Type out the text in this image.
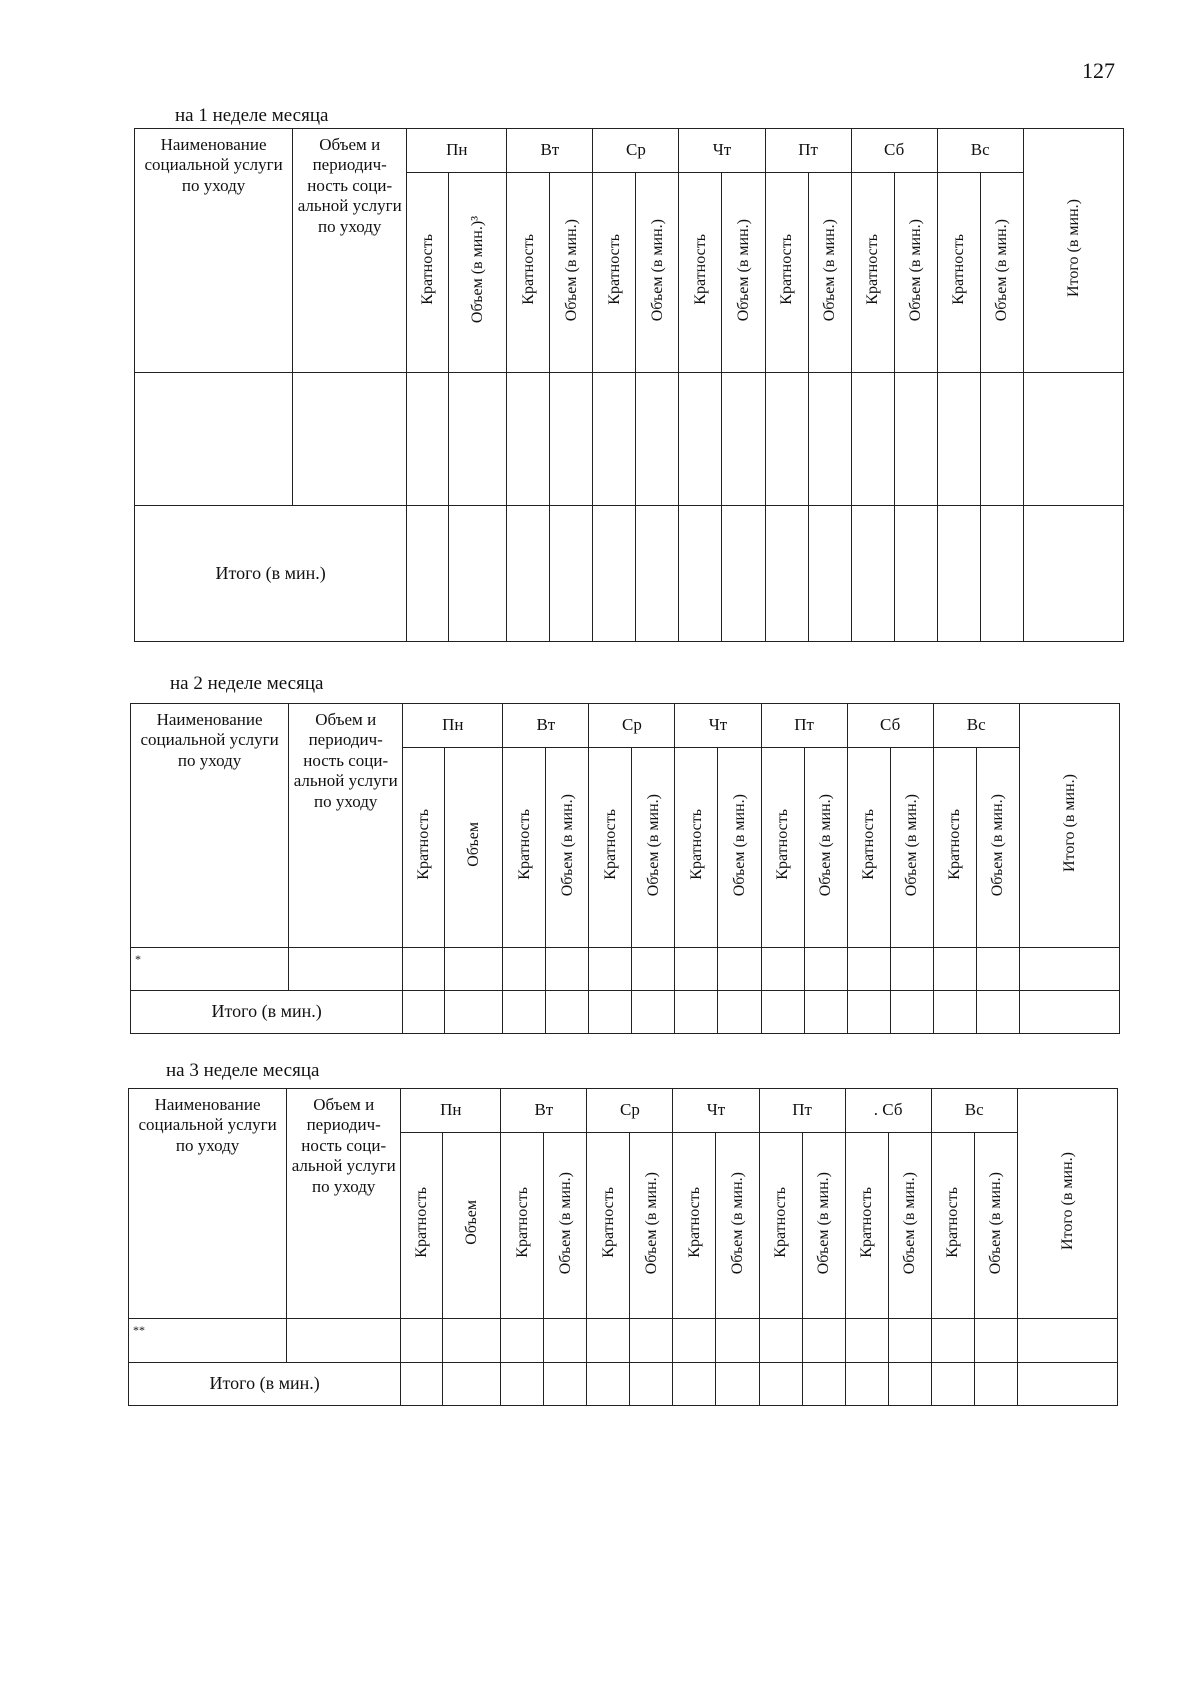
127
на 1 неделе месяца
Наименование социальной услуги по уходу	Объем и периодич-ность соци-альной услуги по уходу	Пн		Вт		Ср		Чт		Пт		Сб		Вс		Итого (в мин.)
		Кратность	Объем (в мин.)³	Кратность	Объем (в мин.)	Кратность	Объем (в мин.)	Кратность	Объем (в мин.)	Кратность	Объем (в мин.)	Кратность	Объем (в мин.)	Кратность	Объем (в мин.)	

Итого (в мин.)																
на 2 неделе месяца
Наименование социальной услуги по уходу	Объем и периодич-ность соци-альной услуги по уходу	Пн		Вт		Ср		Чт		Пт		Сб		Вс		Итого (в мин.)
		Кратность	Объем	Кратность	Объем (в мин.)	Кратность	Объем (в мин.)	Кратность	Объем (в мин.)	Кратность	Объем (в мин.)	Кратность	Объем (в мин.)	Кратность	Объем (в мин.)	
*																
Итого (в мин.)																
на 3 неделе месяца
Наименование социальной услуги по уходу	Объем и периодич-ность соци-альной услуги по уходу	Пн		Вт		Ср		Чт		Пт		. Сб		Вс		Итого (в мин.)
		Кратность	Объем	Кратность	Объем (в мин.)	Кратность	Объем (в мин.)	Кратность	Объем (в мин.)	Кратность	Объем (в мин.)	Кратность	Объем (в мин.)	Кратность	Объем (в мин.)	
**																
Итого (в мин.)																
